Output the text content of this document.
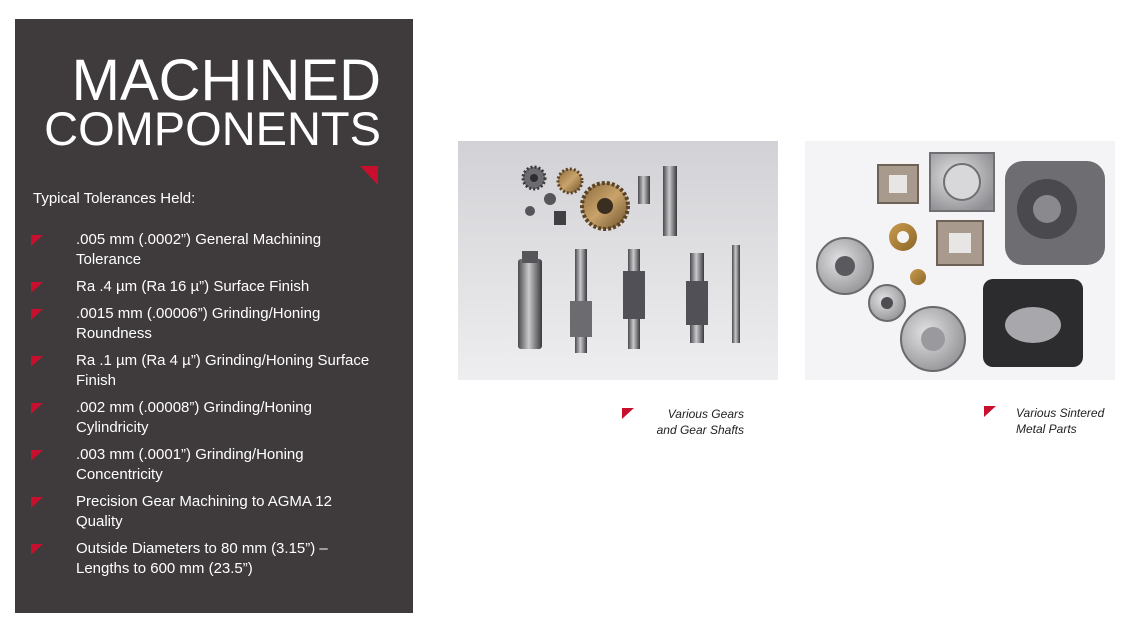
MACHINED
COMPONENTS
Typical Tolerances Held:
.005 mm (.0002”) General Machining
Tolerance
Ra .4 µm (Ra 16 µ”) Surface Finish
.0015 mm (.00006”) Grinding/Honing
Roundness
Ra .1 µm (Ra 4 µ”) Grinding/Honing Surface
Finish
.002 mm (.00008”) Grinding/Honing
Cylindricity
.003 mm (.0001”) Grinding/Honing
Concentricity
Precision Gear Machining to AGMA 12
Quality
Outside Diameters to 80 mm (3.15”) –
Lengths to 600 mm (23.5”)
Various Gears
and Gear Shafts
Various Sintered
Metal Parts
